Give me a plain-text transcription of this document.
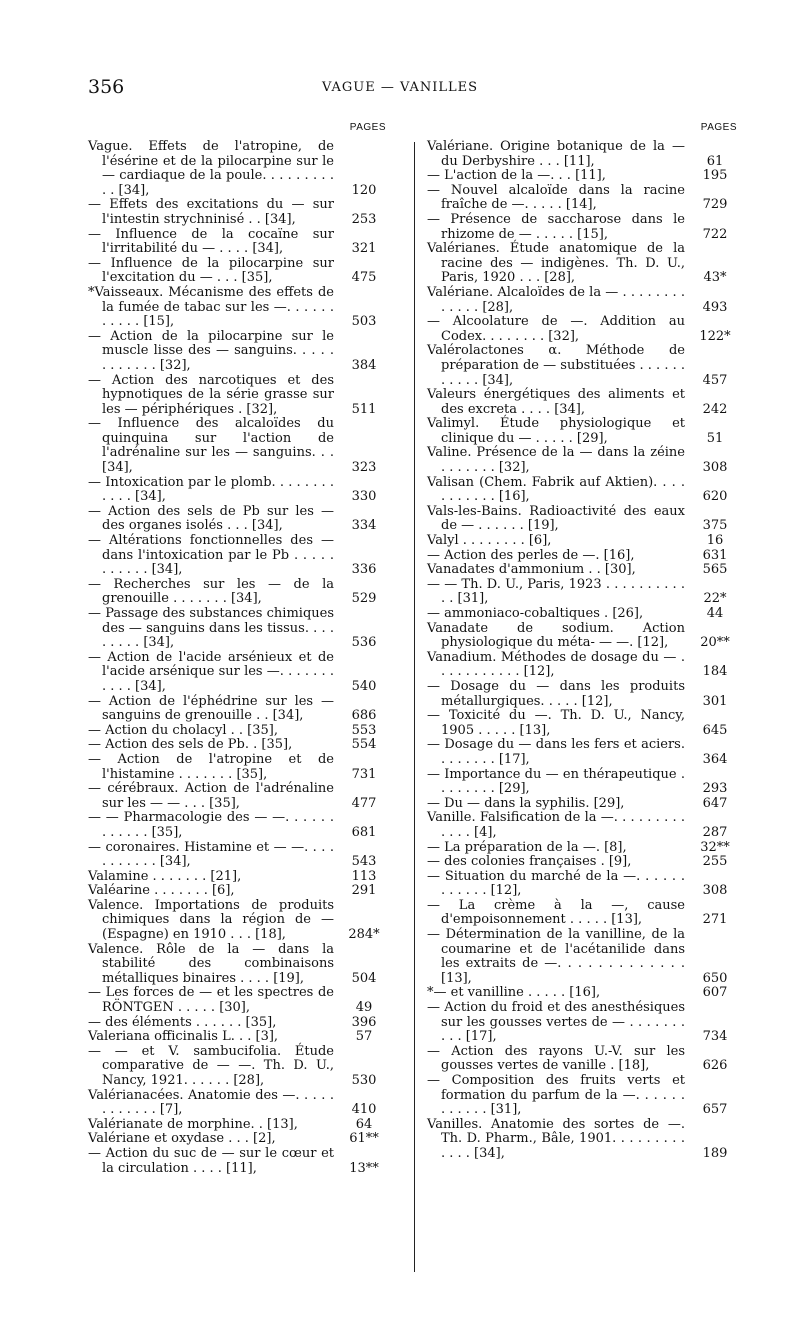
356	VAGUE — VANILLES
PAGES
Vague. Effets de l'atropine, de l'ésérine et de la pilocarpine sur le — cardiaque de la poule. . . . . . . . . . . [34],	120
— Effets des excitations du — sur l'intestin strychninisé . . [34],	253
— Influence de la cocaïne sur l'irritabilité du — . . . . [34],	321
— Influence de la pilocarpine sur l'excitation du — . . . [35],	475
*Vaisseaux. Mécanisme des effets de la fumée de tabac sur les —. . . . . . . . . . . [15],	503
— Action de la pilocarpine sur le muscle lisse des — sanguins. . . . . . . . . . . . [32],	384
— Action des narcotiques et des hypnotiques de la série grasse sur les — périphériques . [32],	511
— Influence des alcaloïdes du quinquina sur l'action de l'adrénaline sur les — sanguins. . . [34],	323
— Intoxication par le plomb. . . . . . . . . . . . [34],	330
— Action des sels de Pb sur les — des organes isolés . . . [34],	334
— Altérations fonctionnelles des — dans l'intoxication par le Pb . . . . . . . . . . . [34],	336
— Recherches sur les — de la grenouille . . . . . . . [34],	529
— Passage des substances chimiques des — sanguins dans les tissus. . . . . . . . . [34],	536
— Action de l'acide arsénieux et de l'acide arsénique sur les —. . . . . . . . . . . [34],	540
— Action de l'éphédrine sur les — sanguins de grenouille . . [34],	686
— Action du cholacyl . . [35],	553
— Action des sels de Pb. . [35],	554
— Action de l'atropine et de l'histamine . . . . . . . [35],	731
— cérébraux. Action de l'adrénaline sur les — — . . . [35],	477
— — Pharmacologie des — —. . . . . . . . . . . . [35],	681
— coronaires. Histamine et — —. . . . . . . . . . . [34],	543
Valamine . . . . . . . [21],	113
Valéarine . . . . . . . [6],	291
Valence. Importations de produits chimiques dans la région de — (Espagne) en 1910 . . . [18],	284*
Valence. Rôle de la — dans la stabilité des combinaisons métalliques binaires . . . . [19],	504
— Les forces de — et les spectres de RÖNTGEN . . . . . [30],	49
— des éléments . . . . . . [35],	396
Valeriana officinalis L. . . [3],	57
— — et V. sambucifolia. Étude comparative de — —. Th. D. U., Nancy, 1921. . . . . . [28],	530
Valérianacées. Anatomie des —. . . . . . . . . . . . [7],	410
Valérianate de morphine. . [13],	64
Valériane et oxydase . . . [2],	61**
— Action du suc de — sur le cœur et la circulation . . . . [11],	13**
PAGES
Valériane. Origine botanique de la — du Derbyshire . . . [11],	61
— L'action de la —. . . [11],	195
— Nouvel alcaloïde dans la racine fraîche de —. . . . . [14],	729
— Présence de saccharose dans le rhizome de — . . . . . [15],	722
Valérianes. Étude anatomique de la racine des — indigènes. Th. D. U., Paris, 1920 . . . [28],	43*
Valériane. Alcaloïdes de la — . . . . . . . . . . . . . [28],	493
— Alcoolature de —. Addition au Codex. . . . . . . . [32],	122*
Valérolactones α. Méthode de préparation de — substituées . . . . . . . . . . . [34],	457
Valeurs énergétiques des aliments et des excreta . . . . [34],	242
Valimyl. Étude physiologique et clinique du — . . . . . [29],	51
Valine. Présence de la — dans la zéine . . . . . . . [32],	308
Valisan (Chem. Fabrik auf Aktien). . . . . . . . . . . [16],	620
Vals-les-Bains. Radioactivité des eaux de — . . . . . . [19],	375
Valyl . . . . . . . . [6],	16
— Action des perles de —. [16],	631
Vanadates d'ammonium . . [30],	565
— — Th. D. U., Paris, 1923 . . . . . . . . . . . . [31],	22*
— ammoniaco-cobaltiques . [26],	44
Vanadate de sodium. Action physiologique du méta- — —. [12],	20**
Vanadium. Méthodes de dosage du — . . . . . . . . . . . [12],	184
— Dosage du — dans les produits métallurgiques. . . . . [12],	301
— Toxicité du —. Th. D. U., Nancy, 1905 . . . . . [13],	645
— Dosage du — dans les fers et aciers. . . . . . . . [17],	364
— Importance du — en thérapeutique . . . . . . . . [29],	293
— Du — dans la syphilis. [29],	647
Vanille. Falsification de la —. . . . . . . . . . . . . [4],	287
— La préparation de la —. [8],	32**
— des colonies françaises . [9],	255
— Situation du marché de la —. . . . . . . . . . . . [12],	308
— La crème à la —, cause d'empoisonnement . . . . . [13],	271
— Détermination de la vanilline, de la coumarine et de l'acétanilide dans les extraits de —. . . . . . . . . . . . . [13],	650
*— et vanilline . . . . . [16],	607
— Action du froid et des anesthésiques sur les gousses vertes de — . . . . . . . . . . [17],	734
— Action des rayons U.-V. sur les gousses vertes de vanille . [18],	626
— Composition des fruits verts et formation du parfum de la —. . . . . . . . . . . . [31],	657
Vanilles. Anatomie des sortes de —. Th. D. Pharm., Bâle, 1901. . . . . . . . . . . . . [34],	189
